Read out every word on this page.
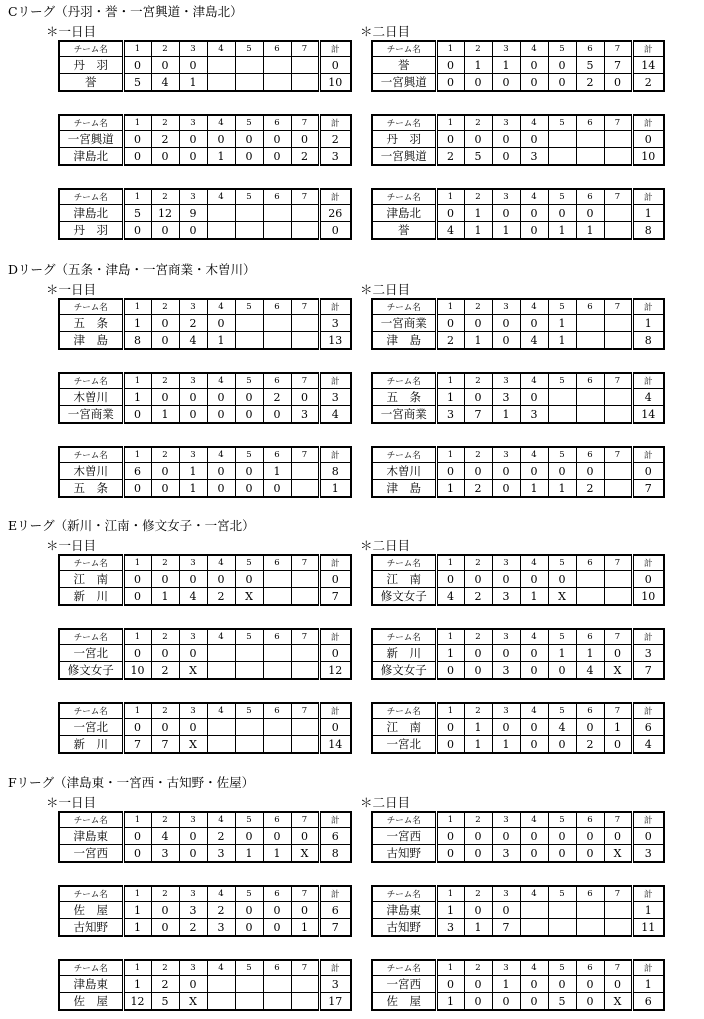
Cリーグ（丹羽・誉・一宮興道・津島北）
＊一日目
チーム名	1	2	3	4	5	6	7	計
丹　羽	0	0	0					0
誉	5	4	1					10
チーム名	1	2	3	4	5	6	7	計
一宮興道	0	2	0	0	0	0	0	2
津島北	0	0	0	1	0	0	2	3
チーム名	1	2	3	4	5	6	7	計
津島北	5	12	9					26
丹　羽	0	0	0					0
＊二日目
チーム名	1	2	3	4	5	6	7	計
誉	0	1	1	0	0	5	7	14
一宮興道	0	0	0	0	0	2	0	2
チーム名	1	2	3	4	5	6	7	計
丹　羽	0	0	0	0				0
一宮興道	2	5	0	3				10
チーム名	1	2	3	4	5	6	7	計
津島北	0	1	0	0	0	0		1
誉	4	1	1	0	1	1		8
Dリーグ（五条・津島・一宮商業・木曽川）
＊一日目
チーム名	1	2	3	4	5	6	7	計
五　条	1	0	2	0				3
津　島	8	0	4	1				13
チーム名	1	2	3	4	5	6	7	計
木曽川	1	0	0	0	0	2	0	3
一宮商業	0	1	0	0	0	0	3	4
チーム名	1	2	3	4	5	6	7	計
木曽川	6	0	1	0	0	1		8
五　条	0	0	1	0	0	0		1
＊二日目
チーム名	1	2	3	4	5	6	7	計
一宮商業	0	0	0	0	1			1
津　島	2	1	0	4	1			8
チーム名	1	2	3	4	5	6	7	計
五　条	1	0	3	0				4
一宮商業	3	7	1	3				14
チーム名	1	2	3	4	5	6	7	計
木曽川	0	0	0	0	0	0		0
津　島	1	2	0	1	1	2		7
Eリーグ（新川・江南・修文女子・一宮北）
＊一日目
チーム名	1	2	3	4	5	6	7	計
江　南	0	0	0	0	0			0
新　川	0	1	4	2	X			7
チーム名	1	2	3	4	5	6	7	計
一宮北	0	0	0					0
修文女子	10	2	X					12
チーム名	1	2	3	4	5	6	7	計
一宮北	0	0	0					0
新　川	7	7	X					14
＊二日目
チーム名	1	2	3	4	5	6	7	計
江　南	0	0	0	0	0			0
修文女子	4	2	3	1	X			10
チーム名	1	2	3	4	5	6	7	計
新　川	1	0	0	0	1	1	0	3
修文女子	0	0	3	0	0	4	X	7
チーム名	1	2	3	4	5	6	7	計
江　南	0	1	0	0	4	0	1	6
一宮北	0	1	1	0	0	2	0	4
Fリーグ（津島東・一宮西・古知野・佐屋）
＊一日目
チーム名	1	2	3	4	5	6	7	計
津島東	0	4	0	2	0	0	0	6
一宮西	0	3	0	3	1	1	X	8
チーム名	1	2	3	4	5	6	7	計
佐　屋	1	0	3	2	0	0	0	6
古知野	1	0	2	3	0	0	1	7
チーム名	1	2	3	4	5	6	7	計
津島東	1	2	0					3
佐　屋	12	5	X					17
＊二日目
チーム名	1	2	3	4	5	6	7	計
一宮西	0	0	0	0	0	0	0	0
古知野	0	0	3	0	0	0	X	3
チーム名	1	2	3	4	5	6	7	計
津島東	1	0	0					1
古知野	3	1	7					11
チーム名	1	2	3	4	5	6	7	計
一宮西	0	0	1	0	0	0	0	1
佐　屋	1	0	0	0	5	0	X	6
